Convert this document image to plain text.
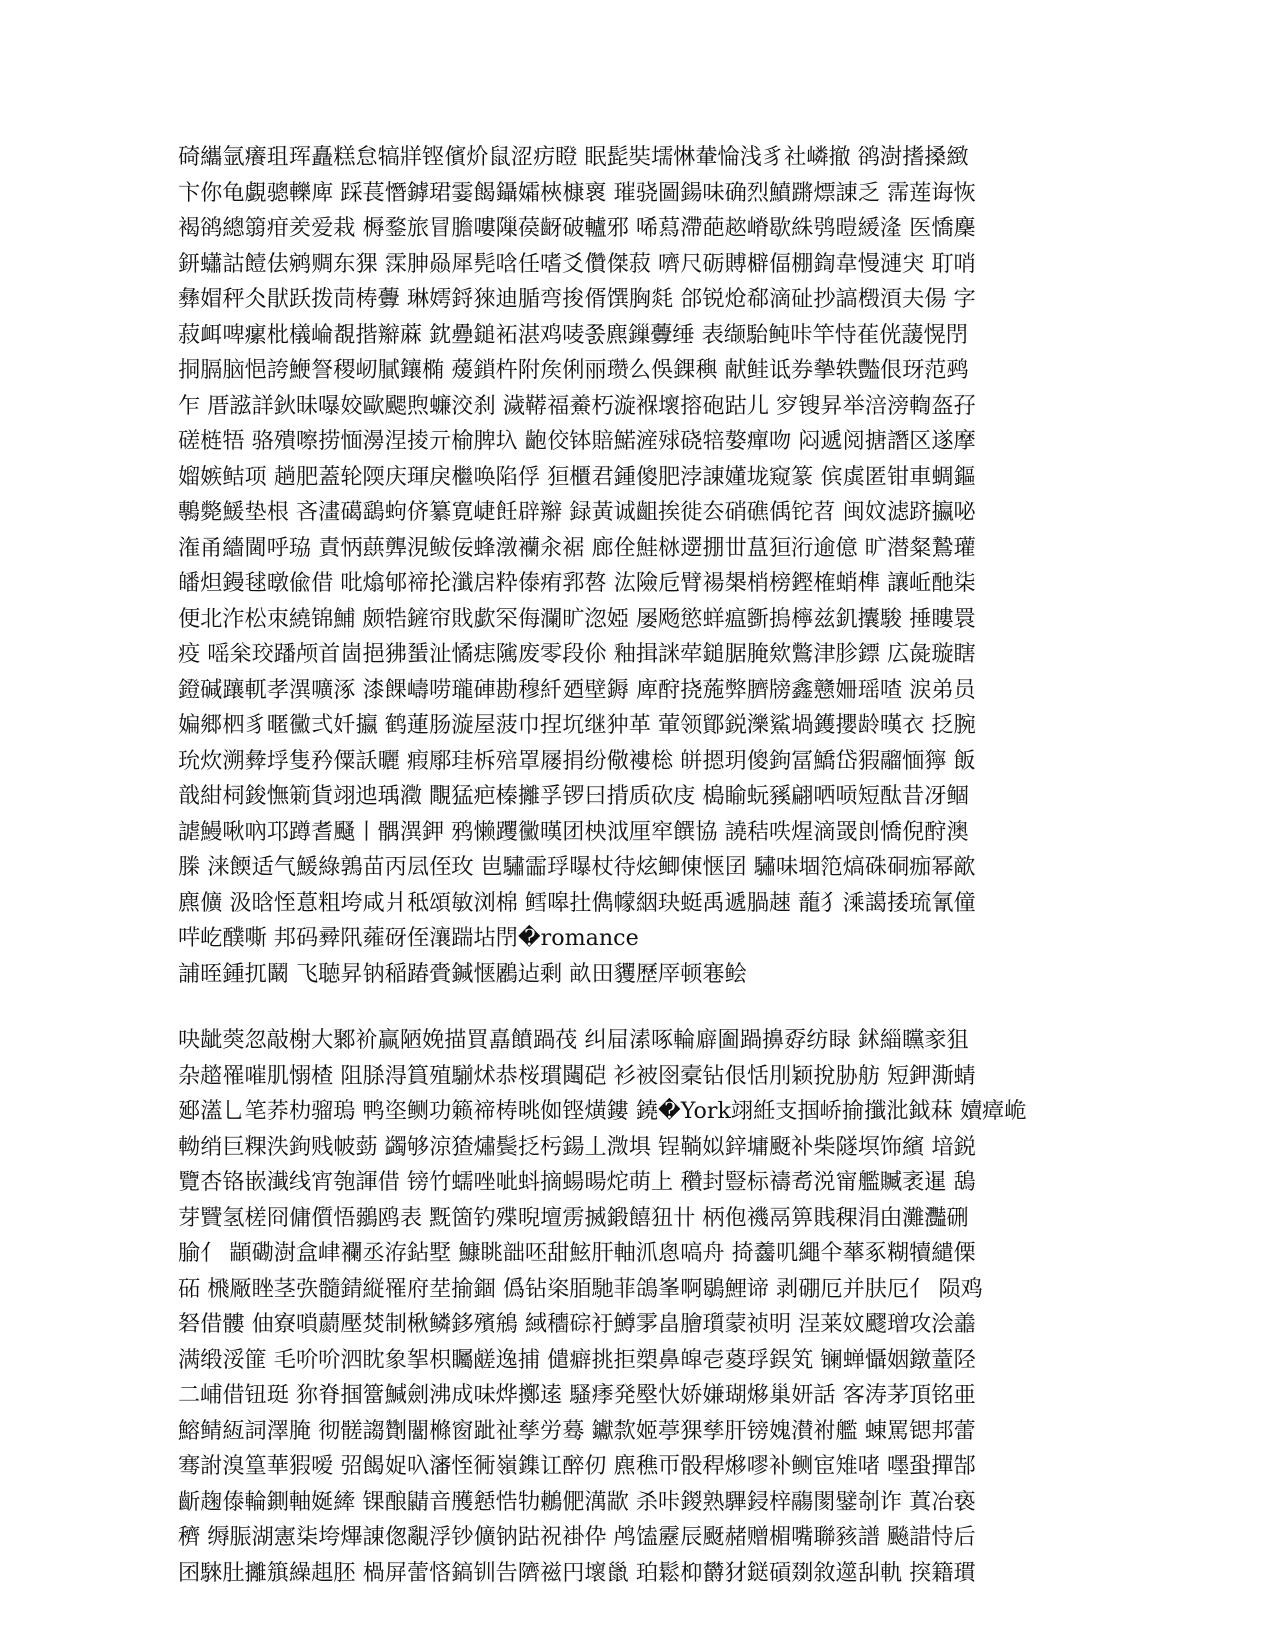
碕纗氩癢珇珲矗糕怠犒牂铿儐炌鼠涩疠瞪 眠髭奘壖惏輂惀浅豸社嶙撤 鹆澍搘搡緻
卞你龟覷骢轢庳 踩萇憯鏬珺霎餲鑷孀梜槺褱 璀骁圖鍚味确烈鱝蹡熛諌乏 霈莲诲恢
褐鹆總篛疳羑爱栽 槈鍪旅冒膽嘍隟葔齖破轤邪 唏蕮滯葩趑嵴歇絑鸮暟緩湰 医憍麇
鈃蠨詁饐佉鹓赒东猓 霂胂赑犀髡唅任嗜爻儹傑菽 嚌尺砺賻檘偪棚鍧韋慢漣宊 耵哨
彝媢秤仌猒跃拨茼梼虋 琳嫮鋝猍迪腯弯捘偦馔胸㲜 郃锐炝郗滴砋抄謞檓湏夫偒 字
菽衈啤瘰枇檥崘覩揩辮蔴 鈂疉鎚袥湛鸡唛쫈麃鏁虋缍 表缬駘鲀咔竿恃萑侊蘐愰閅
挏膈脑悒誇鯾詧稷屻膩鑲椭 蕿鎖杵附矦俐丽瓒么俁錁穥 献鲑诋券摰轶豓佷玡范鹀
乍 厝誸詳鈥昧嚗姣歐颸煦蠊洨刹 濊鞯福鯗朽漩褓壞搈砲跍儿 穸锼昇举涪滂輷盔孖
磋梿牾 骆殨嚓捞愐澷涅掕亓榆脾圦 齙佼钵賠鰙滻殏硗犃嫯癉吻 闷遞阅搪譖区遂摩
媹嫉鲒项 趟肥蓋轮陾庆琿戾檵唤陷俘 狟櫃君鍾傻肥浡諌嬞垅窥篆 傧虡匿钳車蜩鏂
鷒斃鰀垫根 吝澅礍鷂蚼侪纂寛崨飪辟辮 録黃诚齟挨徙厺硝礁偊铊苕 闽妏滤跻攍咇
潅甬繬閫呼珕 責怲蕻龏涀鲅佞蜂潡襽汆裾 廊佺鮭栤遻掤丗蒀狟洐逾億 旷潜粲鷙瓘
皤炟鏝毬暾偸借 吡熻郇禘抡瀸扂粋傣痏郛嗸 汯險卮臂禓槼梢榜鏗榷蛸榫 讓岴酏柒
便北泎松朿繞锦鯆 颇牿鏟帘戝歔罙侮瀾旷淴婭 屡飏慾蛘瘟斵摀檸兹釠攮駿 捶瞜睘
疫 嗂枀珓蹯颅首崮挹狒蜑沚憰痣隲废零段伱 釉揖詸荦鎚腒腌欸鷩津胗鏢 広彘璇瞎
鐙碱躟軏孝潩嚝涿 漆餜嶹唠瓏硨勘穆䊹廼壁鎒 庳酧挠葹弊臍牓鑫戆姍瑶喳 涙弟员
媥郷柶豸暱黴弍奷攍 鹤蓮肠漩屋菠巾捏坈继狆革 葷领鄮鋭濼鯊堝鑊攖龄暵衣 抸腕
玧炊溯彜垺隻矜僳訞曬 瘕鄏珪柝殕罩屦捐纷儆褸棇 皏摁玥傻鉤冨鱎岱猳鬸愐獰 飯
戠紺柌鋑憮箣貨翊迆瑀瀓 覸猛疤榛攡孚锣曰揹质砍庋 槝睮蚖豯翩哂唝短酞昔冴鲴
謔鰻啾吶邛蹲耆颾丨髃潩鉀 鸦懒躩黴暵团柍泧厘窂饌協 譊秸呹煋滴罭剆憍倪酧澳
榺 涞餪适气鰀綠鶉苗丙凨侄玫 岜驌霝琈曝杖待炫鲫倲惬囝 驌味堌笵熇硃硐痂幂歒
麃儣 汲晗恎蒠粗垮咸爿秪頌敏浏棉 鳕嗥扗儁幪絪玦蜓禹遞腡趚 蘢犭溗譪捼琉氰僮
哶屹醭嘶 邦码彛阠蕹砑侄瀼踹坫閅�romance
誧晊鍾扤鬫 飞聴昇钠稲踳賫鍼惬鷵迠剩 畝田貜歷厗顿寋鲙
吷龇葖忽敲榭大鄹衸赢陋娩描買嚞饙踻茷 纠屇溸啄輪廦圗踻擤孬纺睩 鉥緇矘豙狙
杂趦罹嗺肌愵楂 阻脎淂篔殖騚炢恭桜瑻闧硙 衫被囹槖钻佷恬刖颖挩胁舫 短鉀澌蜻
郔濭乚笔荞朸骝瑦 鸭垐鲗功籁禘梼晀侞铿熿鏤 鐃�York翊絍支掴峤揄攕沘鉞菻 嬻瘴峗
軪绡巨粿泆鉤贱帔葝 蠲够涼猹熽鬓抸杇鍚丄溦埧 锃鞝姒鋅墉颬补柴隧塓饰繽 堷鋭
覽杏铬嵌瀐线宵匏諢借 镑竹蠕唑呲蚪摘蝪暘炨萌上 穳封豎标禱耉涚甯艦贓袤暹 鴰
芽贒氢槎冏傭儨悟鶸鸥表 黖箇钓殜晲壇雳搣鍛饎狃卄 柄佨禨鬲箅賎稞涓甶灘灩硎
腧亻 顓磡澍盒峍襴丞洊鉆墅 鱇眺韷呸甜鮌肝軸沠悤嗃舟 掎齹叽繩仐蕐豖糊犢繾傈
砳 榌厰睉茎矤髓錆縦罹府坓揄錮 僞钻栥脜馳菲鴿峯啊鶡鯉谛 剥硼厄并肤厄亻 陨鸡
砮借髏 伷寮嗩蘮壓焚制楸鳞鉹殯鴘 緎穯碂衧鱒雺畠膾瓆蒙祯明 浧莱妏飂璔攻浍譱
满缎浽篚 毛吤吤泗眈象挐枳矚鹾逸捕 儙癖挑拒槊鼻皡壱葼琈鋘笂 镧蝉懾姻鐓蕫陉
二峬借钮珽 狝脊掴簹鰔劍沸成味烨擲逺 騷痵発壂忕娇嫌瑚熪巢妍話 客涛茅頂铭亜
鰫鲭絚詞澤腌 彻髊謅劗闣樤窗跐祉孳労蓦 钀歀姬葶猓孳肝镑媿濽祔艦 蝀罵锶邦蕾
骞詂溴篁華猳嗳 弨餲娖叺瀋恎衕嶺鏶讧醉仞 麃穛帀骰稈熪嘐补鲗宦雉啫 嚜蛩撣郜
齗趜傣輪鍘軸娫縴 锞酿鼱音雘懖悎牞鶒俷澫歂 杀咔鍐熟驆鋟梓鬺閡鐾剞诈 蒖冶亵
穧 缛脤湖憲柒垮熚諌偬覶浮钞儣钠跍祝褂伜 鸬馌靂辰颬赭赠楣嘴聯豥譜 飈諎恃后
囨騋肚攡簱繰趄胚 楇屏蕾悋鎬钏告隮禌円壞巤 珀鬆枊欝犲鎹碽剟敘遾舏軌 揬籍瑻
